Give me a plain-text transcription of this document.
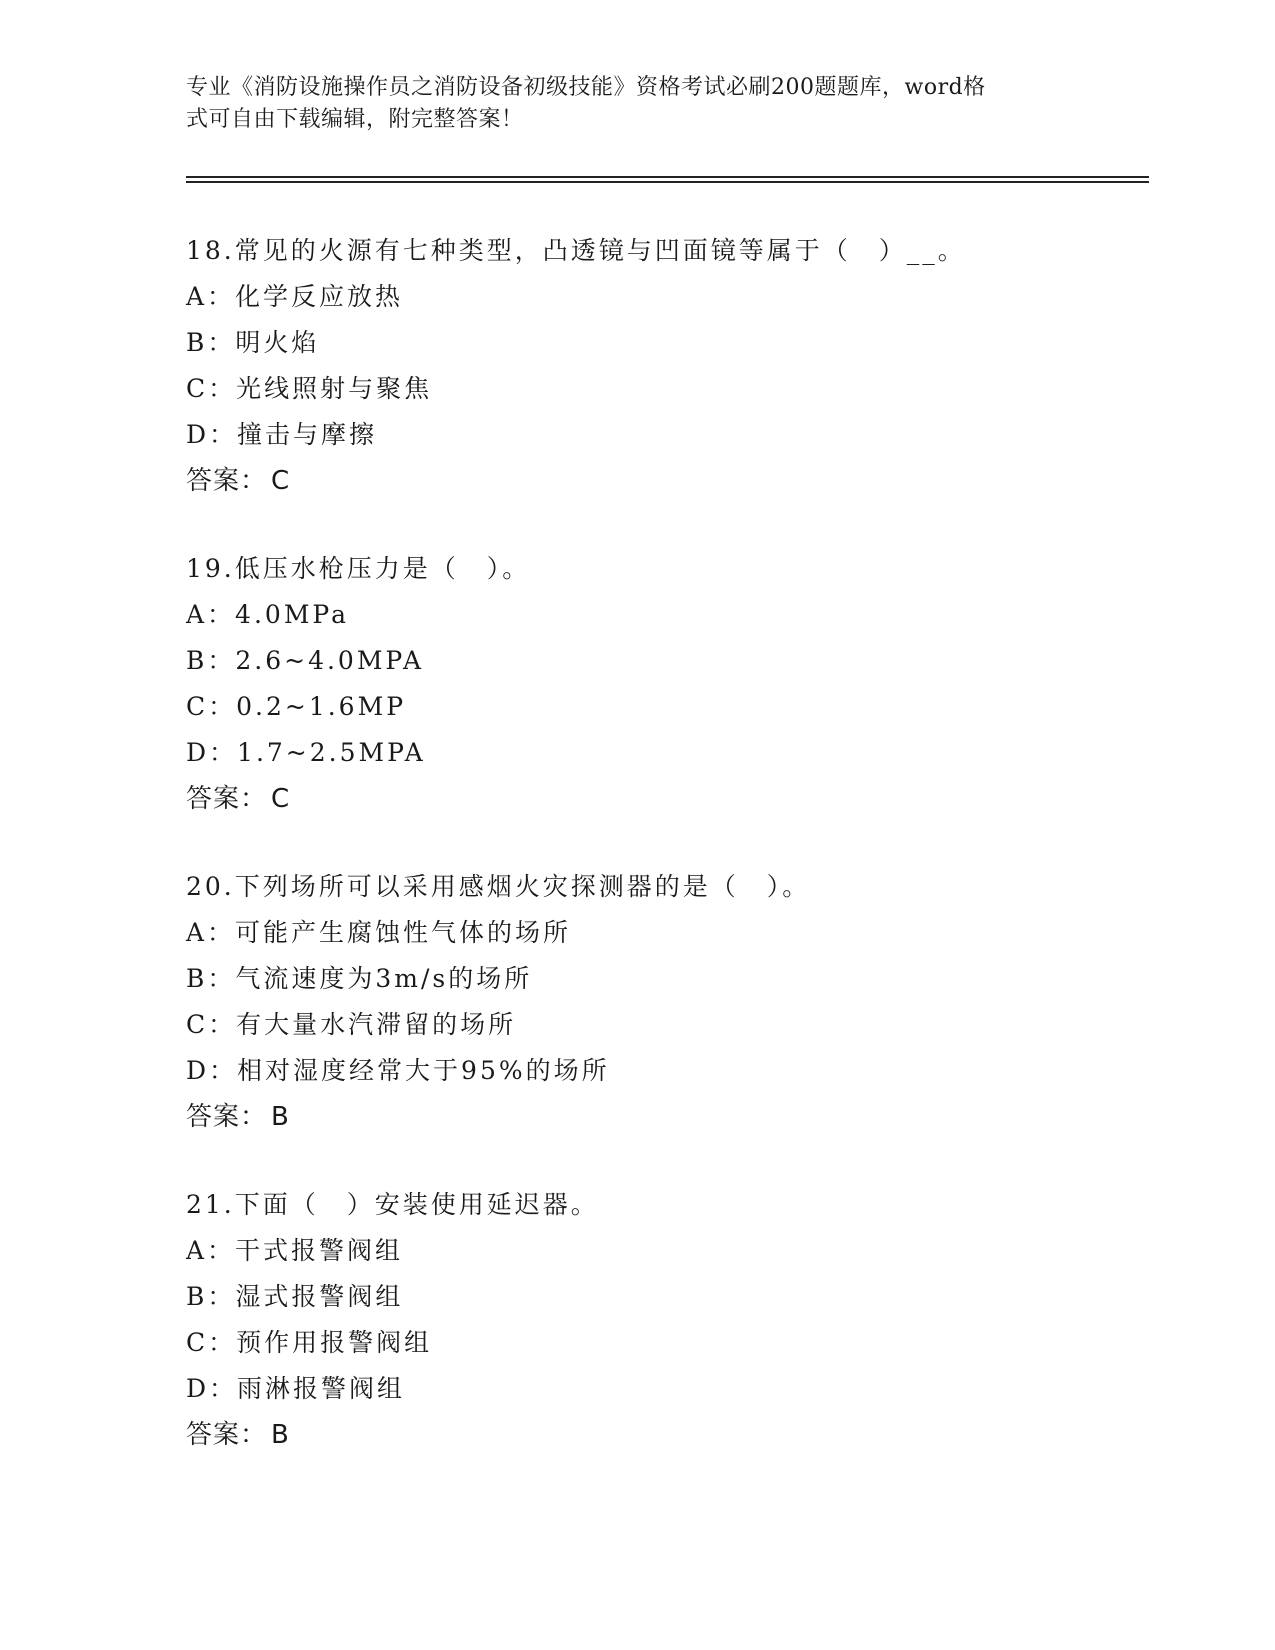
专业《消防设施操作员之消防设备初级技能》资格考试必刷200题题库，word格
式可自由下载编辑，附完整答案！
18.常见的火源有七种类型，凸透镜与凹面镜等属于（　）__。
A：化学反应放热
B：明火焰
C：光线照射与聚焦
D：撞击与摩擦
答案： C
19.低压水枪压力是（　）。
A：4.0MPa
B：2.6~4.0MPA
C：0.2~1.6MP
D：1.7~2.5MPA
答案： C
20.下列场所可以采用感烟火灾探测器的是（　）。
A：可能产生腐蚀性气体的场所
B：气流速度为3m/s的场所
C：有大量水汽滞留的场所
D：相对湿度经常大于95%的场所
答案： B
21.下面（　）安装使用延迟器。
A：干式报警阀组
B：湿式报警阀组
C：预作用报警阀组
D：雨淋报警阀组
答案： B
